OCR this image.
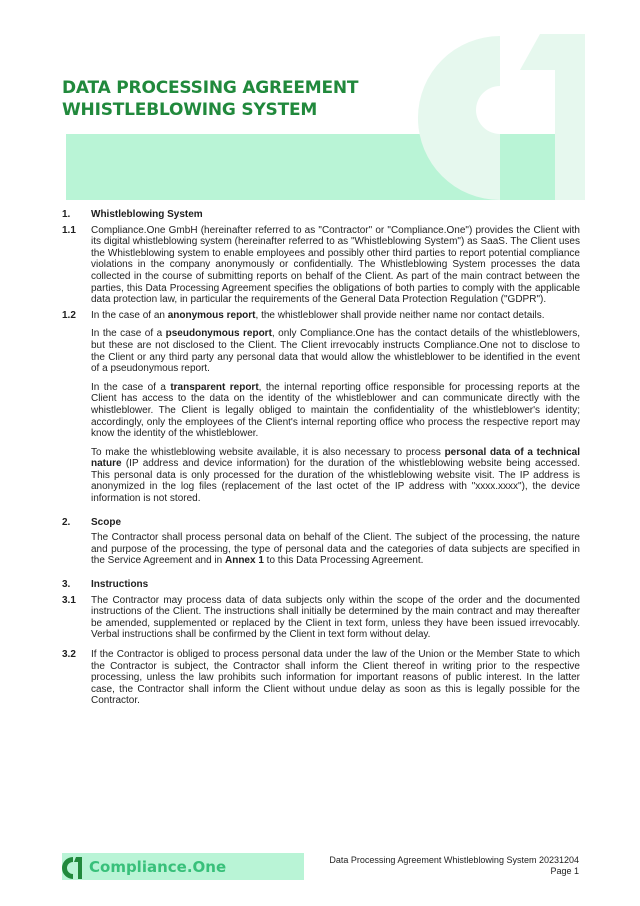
DATA PROCESSING AGREEMENT
WHISTLEBLOWING SYSTEM
1.	Whistleblowing System
1.1	Compliance.One GmbH (hereinafter referred to as "Contractor" or "Compliance.One") provides the Client with its digital whistleblowing system (hereinafter referred to as "Whistleblowing System") as SaaS. The Client uses the Whistleblowing system to enable employees and possibly other third parties to report potential compliance violations in the company anonymously or confidentially. The Whistleblowing System processes the data collected in the course of submitting reports on behalf of the Client. As part of the main contract between the parties, this Data Processing Agreement specifies the obligations of both parties to comply with the applicable data protection law, in particular the requirements of the General Data Protection Regulation ("GDPR").

1.2	In the case of an anonymous report, the whistleblower shall provide neither name nor contact details.

In the case of a pseudonymous report, only Compliance.One has the contact details of the whistleblowers, but these are not disclosed to the Client. The Client irrevocably instructs Compliance.One not to disclose to the Client or any third party any personal data that would allow the whistleblower to be identified in the event of a pseudonymous report.

In the case of a transparent report, the internal reporting office responsible for processing reports at the Client has access to the data on the identity of the whistleblower and can communicate directly with the whistleblower. The Client is legally obliged to maintain the confidentiality of the whistleblower's identity; accordingly, only the employees of the Client's internal reporting office who process the respective report may know the identity of the whistleblower.

To make the whistleblowing website available, it is also necessary to process personal data of a technical nature (IP address and device information) for the duration of the whistleblowing website being accessed. This personal data is only processed for the duration of the whistleblowing website visit. The IP address is anonymized in the log files (replacement of the last octet of the IP address with "xxxx.xxxx"), the device information is not stored.

2.	Scope

The Contractor shall process personal data on behalf of the Client. The subject of the processing, the nature and purpose of the processing, the type of personal data and the categories of data subjects are specified in the Service Agreement and in Annex 1 to this Data Processing Agreement.

3.	Instructions
3.1	The Contractor may process data of data subjects only within the scope of the order and the documented instructions of the Client. The instructions shall initially be determined by the main contract and may thereafter be amended, supplemented or replaced by the Client in text form, unless they have been issued irrevocably. Verbal instructions shall be confirmed by the Client in text form without delay.

3.2	If the Contractor is obliged to process personal data under the law of the Union or the Member State to which the Contractor is subject, the Contractor shall inform the Client thereof in writing prior to the respective processing, unless the law prohibits such information for important reasons of public interest. In the latter case, the Contractor shall inform the Client without undue delay as soon as this is legally possible for the Contractor.

Compliance.One	Data Processing Agreement Whistleblowing System 20231204
Page 1
